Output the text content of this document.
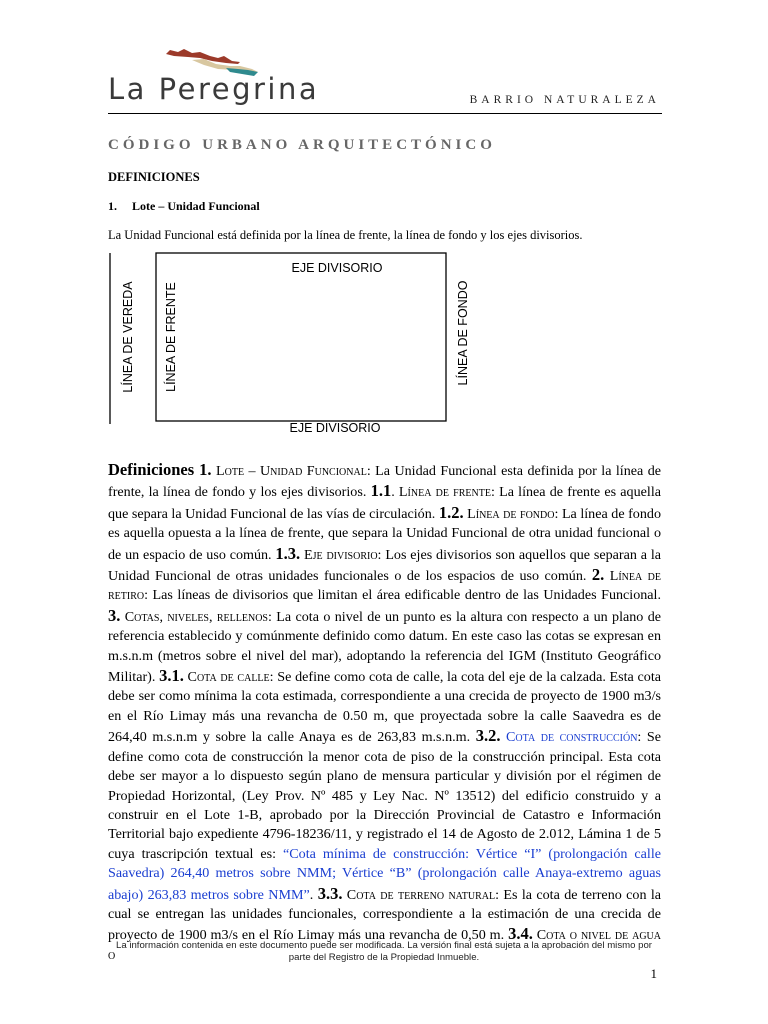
La Peregrina	BARRIO NATURALEZA
CÓDIGO URBANO ARQUITECTÓNICO
DEFINICIONES
1. Lote – Unidad Funcional
La Unidad Funcional está definida por la línea de frente, la línea de fondo y los ejes divisorios.
EJE DIVISORIO
EJE DIVISORIO
LÍNEA DE VEREDA LÍNEA DE FRENTE	LÍNEA DE FONDO

Definiciones 1. Lote – Unidad Funcional: La Unidad Funcional esta definida por la línea de frente, la línea de fondo y los ejes divisorios. 1.1. Línea de frente: La línea de frente es aquella que separa la Unidad Funcional de las vías de circulación. 1.2. Línea de fondo: La línea de fondo es aquella opuesta a la línea de frente, que separa la Unidad Funcional de otra unidad funcional o de un espacio de uso común. 1.3. Eje divisorio: Los ejes divisorios son aquellos que separan a la Unidad Funcional de otras unidades funcionales o de los espacios de uso común. 2. Línea de retiro: Las líneas de divisorios que limitan el área edificable dentro de las Unidades Funcional. 3. Cotas, niveles, rellenos: La cota o nivel de un punto es la altura con respecto a un plano de referencia establecido y comúnmente definido como datum. En este caso las cotas se expresan en m.s.n.m (metros sobre el nivel del mar), adoptando la referencia del IGM (Instituto Geográfico Militar). 3.1. Cota de calle: Se define como cota de calle, la cota del eje de la calzada. Esta cota debe ser como mínima la cota estimada, correspondiente a una crecida de proyecto de 1900 m3/s en el Río Limay más una revancha de 0.50 m, que proyectada sobre la calle Saavedra es de 264,40 m.s.n.m y sobre la calle Anaya es de 263,83 m.s.n.m. 3.2. Cota de construcción: Se define como cota de construcción la menor cota de piso de la construcción principal. Esta cota debe ser mayor a lo dispuesto según plano de mensura particular y división por el régimen de Propiedad Horizontal, (Ley Prov. Nº 485 y Ley Nac. Nº 13512) del edificio construido y a construir en el Lote 1-B, aprobado por la Dirección Provincial de Catastro e Información Territorial bajo expediente 4796-18236/11, y registrado el 14 de Agosto de 2.012, Lámina 1 de 5 cuya trascripción textual es: “Cota mínima de construcción: Vértice “I” (prolongación calle Saavedra) 264,40 metros sobre NMM; Vértice “B” (prolongación calle Anaya-extremo aguas abajo) 263,83 metros sobre NMM”. 3.3. Cota de terreno natural: Es la cota de terreno con la cual se entregan las unidades funcionales, correspondiente a la estimación de una crecida de proyecto de 1900 m3/s en el Río Limay más una revancha de 0,50 m. 3.4. Cota o nivel de agua o

La información contenida en este documento puede ser modificada. La versión final está sujeta a la aprobación del mismo por parte del Registro de la Propiedad Inmueble.
1
